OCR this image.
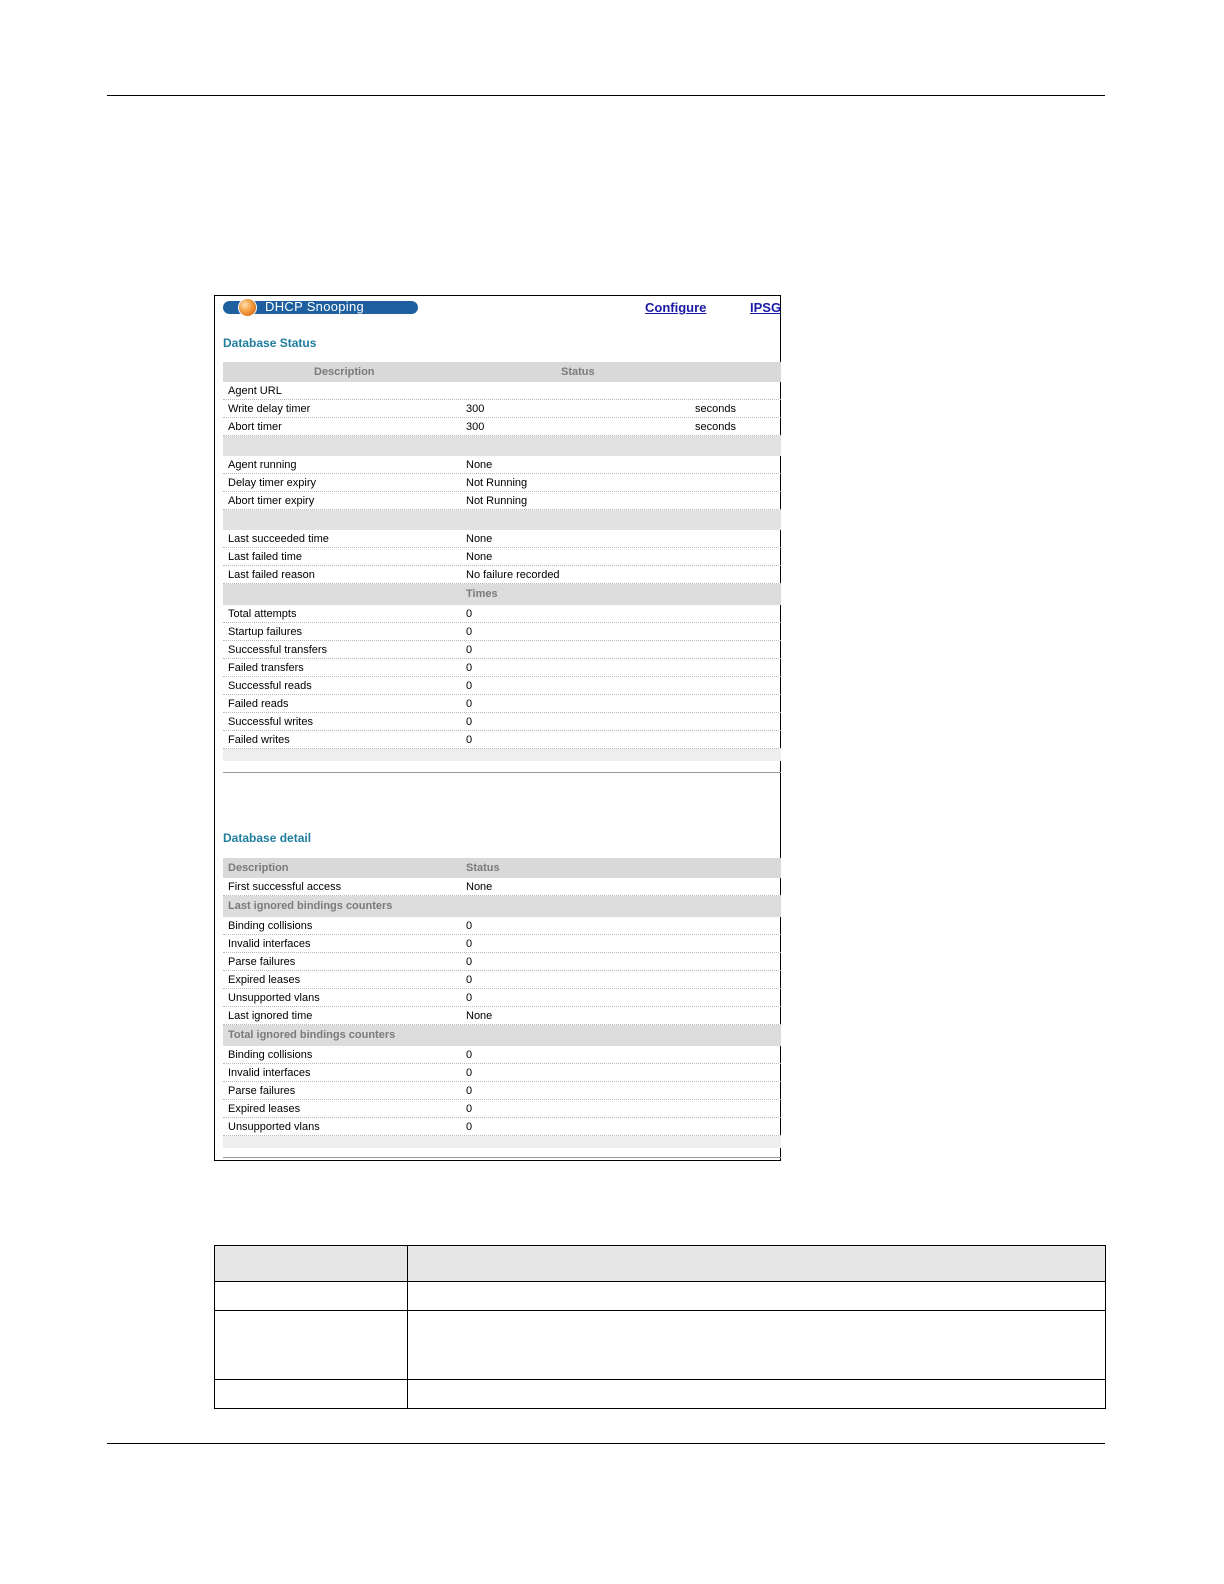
DHCP Snooping	Configure	IPSG
Database Status
Description	Status
Agent URL
Write delay timer	300	seconds
Abort timer	300	seconds
Agent running	None
Delay timer expiry	Not Running
Abort timer expiry	Not Running
Last succeeded time	None
Last failed time	None
Last failed reason	No failure recorded
Times
Total attempts	0
Startup failures	0
Successful transfers	0
Failed transfers	0
Successful reads	0
Failed reads	0
Successful writes	0
Failed writes	0
Database detail
Description	Status
First successful access	None
Last ignored bindings counters
Binding collisions	0
Invalid interfaces	0
Parse failures	0
Expired leases	0
Unsupported vlans	0
Last ignored time	None
Total ignored bindings counters
Binding collisions	0
Invalid interfaces	0
Parse failures	0
Expired leases	0
Unsupported vlans	0
